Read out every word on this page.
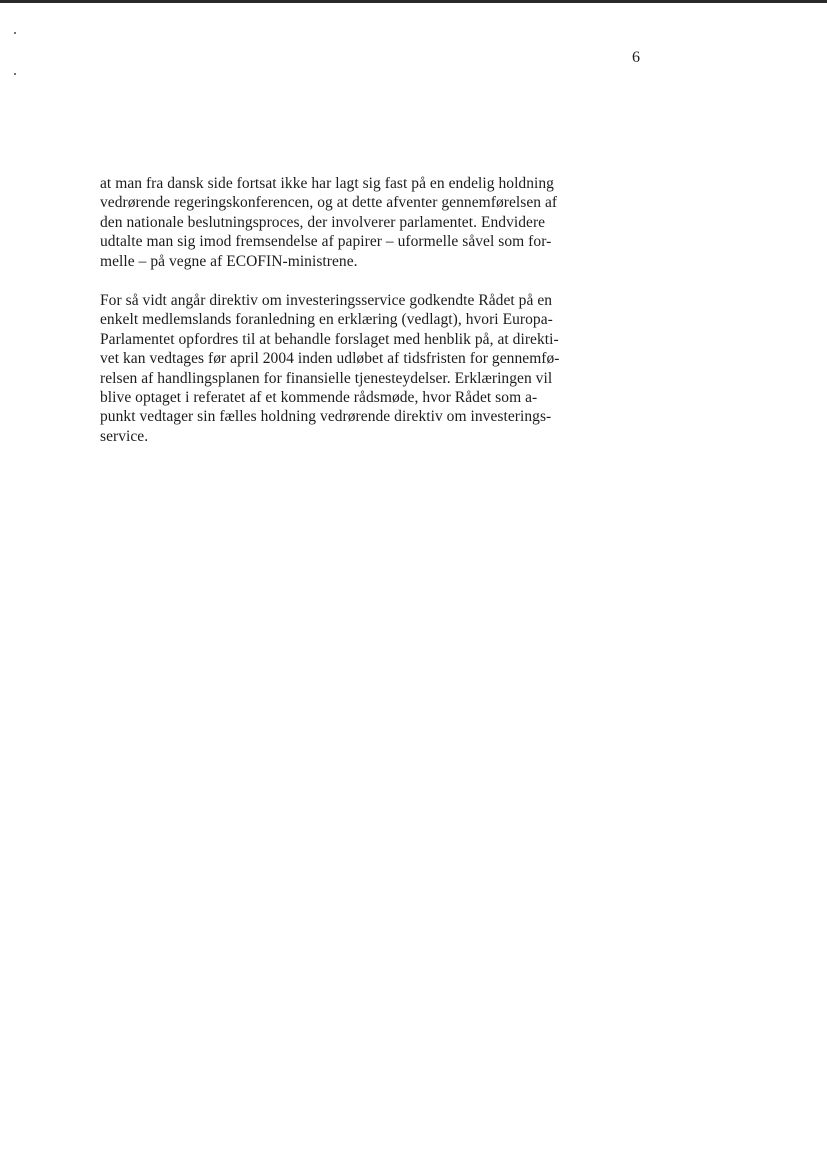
6

at man fra dansk side fortsat ikke har lagt sig fast på en endelig holdning
vedrørende regeringskonferencen, og at dette afventer gennemførelsen af
den nationale beslutningsproces, der involverer parlamentet. Endvidere
udtalte man sig imod fremsendelse af papirer – uformelle såvel som for-
melle – på vegne af ECOFIN-ministrene.

For så vidt angår direktiv om investeringsservice godkendte Rådet på en
enkelt medlemslands foranledning en erklæring (vedlagt), hvori Europa-
Parlamentet opfordres til at behandle forslaget med henblik på, at direkti-
vet kan vedtages før april 2004 inden udløbet af tidsfristen for gennemfø-
relsen af handlingsplanen for finansielle tjenesteydelser. Erklæringen vil
blive optaget i referatet af et kommende rådsmøde, hvor Rådet som a-
punkt vedtager sin fælles holdning vedrørende direktiv om investerings-
service.
